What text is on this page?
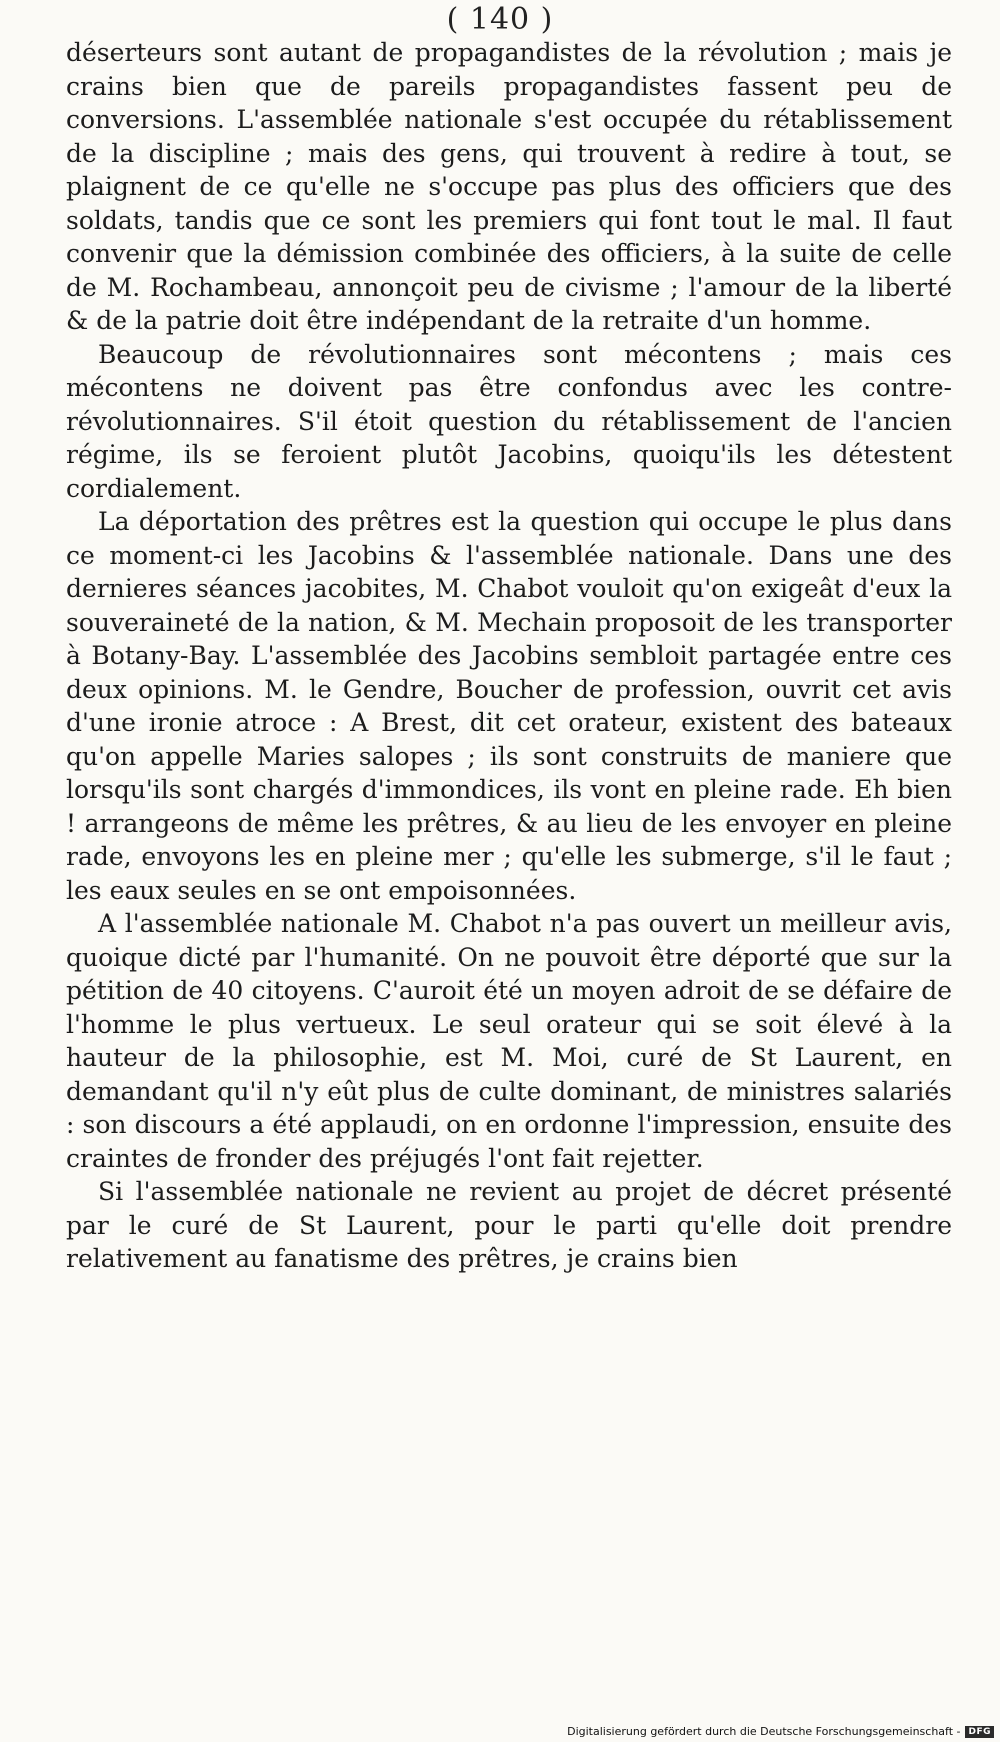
( 140 )

déserteurs sont autant de propagandistes de la révolution ; mais je crains bien que de pareils propagandistes fassent peu de conversions. L'assemblée nationale s'est occupée du rétablissement de la discipline ; mais des gens, qui trouvent à redire à tout, se plaignent de ce qu'elle ne s'occupe pas plus des officiers que des soldats, tandis que ce sont les premiers qui font tout le mal. Il faut convenir que la démission combinée des officiers, à la suite de celle de M. Rochambeau, annonçoit peu de civisme ; l'amour de la liberté & de la patrie doit être indépendant de la retraite d'un homme.

Beaucoup de révolutionnaires sont mécontens ; mais ces mécontens ne doivent pas être confondus avec les contre-révolutionnaires. S'il étoit question du rétablissement de l'ancien régime, ils se feroient plutôt Jacobins, quoiqu'ils les détestent cordialement.

La déportation des prêtres est la question qui occupe le plus dans ce moment-ci les Jacobins & l'assemblée nationale. Dans une des dernieres séances jacobites, M. Chabot vouloit qu'on exigeât d'eux la souveraineté de la nation, & M. Mechain proposoit de les transporter à Botany-Bay. L'assemblée des Jacobins sembloit partagée entre ces deux opinions. M. le Gendre, Boucher de profession, ouvrit cet avis d'une ironie atroce : A Brest, dit cet orateur, existent des bateaux qu'on appelle Maries salopes ; ils sont construits de maniere que lorsqu'ils sont chargés d'immondices, ils vont en pleine rade. Eh bien ! arrangeons de même les prêtres, & au lieu de les envoyer en pleine rade, envoyons les en pleine mer ; qu'elle les submerge, s'il le faut ; les eaux seules en se ont empoisonnées.

A l'assemblée nationale M. Chabot n'a pas ouvert un meilleur avis, quoique dicté par l'humanité. On ne pouvoit être déporté que sur la pétition de 40 citoyens. C'auroit été un moyen adroit de se défaire de l'homme le plus vertueux. Le seul orateur qui se soit élevé à la hauteur de la philosophie, est M. Moi, curé de St Laurent, en demandant qu'il n'y eût plus de culte dominant, de ministres salariés : son discours a été applaudi, on en ordonne l'impression, ensuite des craintes de fronder des préjugés l'ont fait rejetter.

Si l'assemblée nationale ne revient au projet de décret présenté par le curé de St Laurent, pour le parti qu'elle doit prendre relativement au fanatisme des prêtres, je crains bien

Digitalisierung gefördert durch die Deutsche Forschungsgemeinschaft - DFG
